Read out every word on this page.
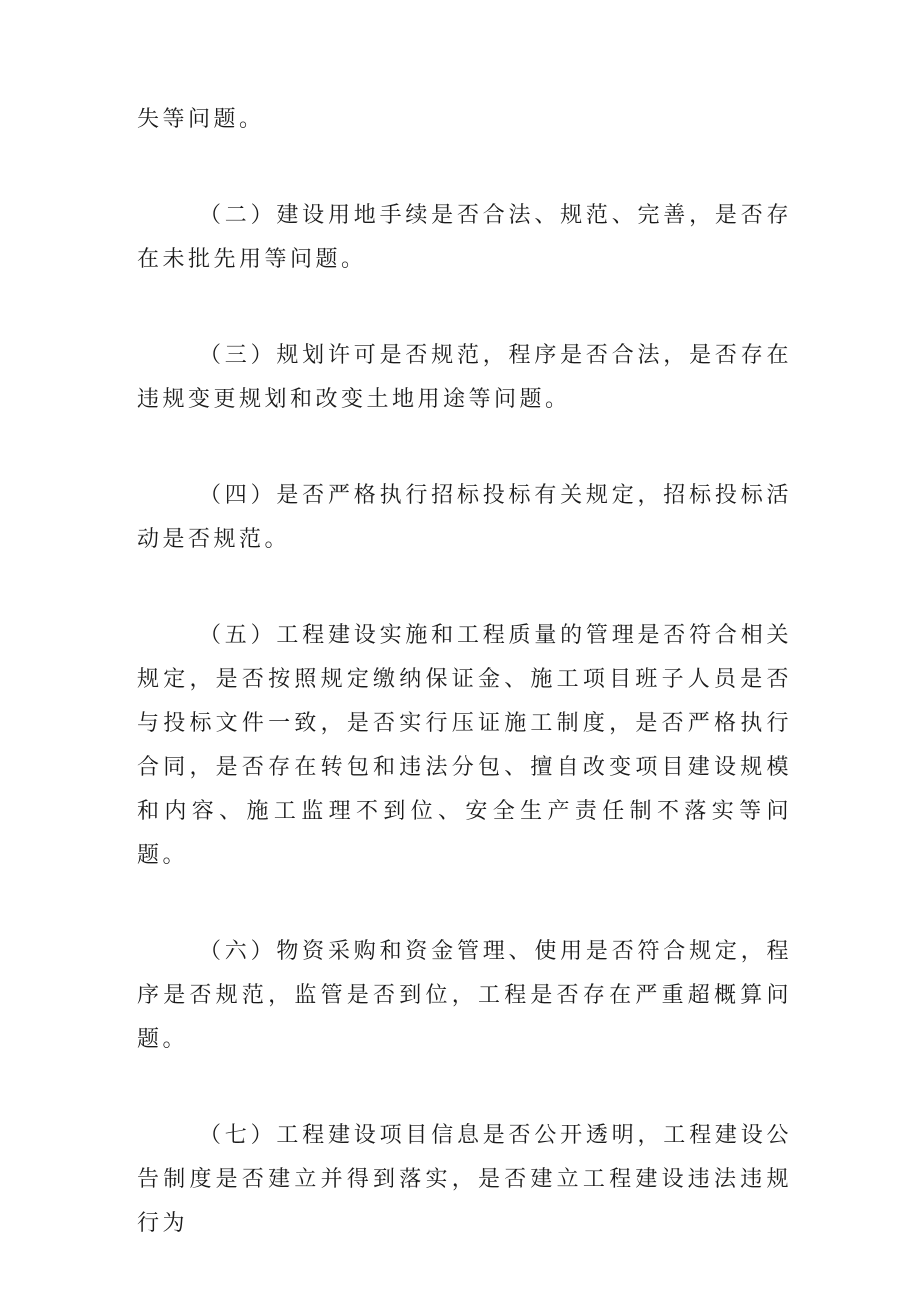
失等问题。

（二）建设用地手续是否合法、规范、完善，是否存在未批先用等问题。

（三）规划许可是否规范，程序是否合法，是否存在违规变更规划和改变土地用途等问题。

（四）是否严格执行招标投标有关规定，招标投标活动是否规范。

（五）工程建设实施和工程质量的管理是否符合相关规定，是否按照规定缴纳保证金、施工项目班子人员是否与投标文件一致，是否实行压证施工制度，是否严格执行合同，是否存在转包和违法分包、擅自改变项目建设规模和内容、施工监理不到位、安全生产责任制不落实等问题。

（六）物资采购和资金管理、使用是否符合规定，程序是否规范，监管是否到位，工程是否存在严重超概算问题。

（七）工程建设项目信息是否公开透明，工程建设公告制度是否建立并得到落实，是否建立工程建设违法违规行为
